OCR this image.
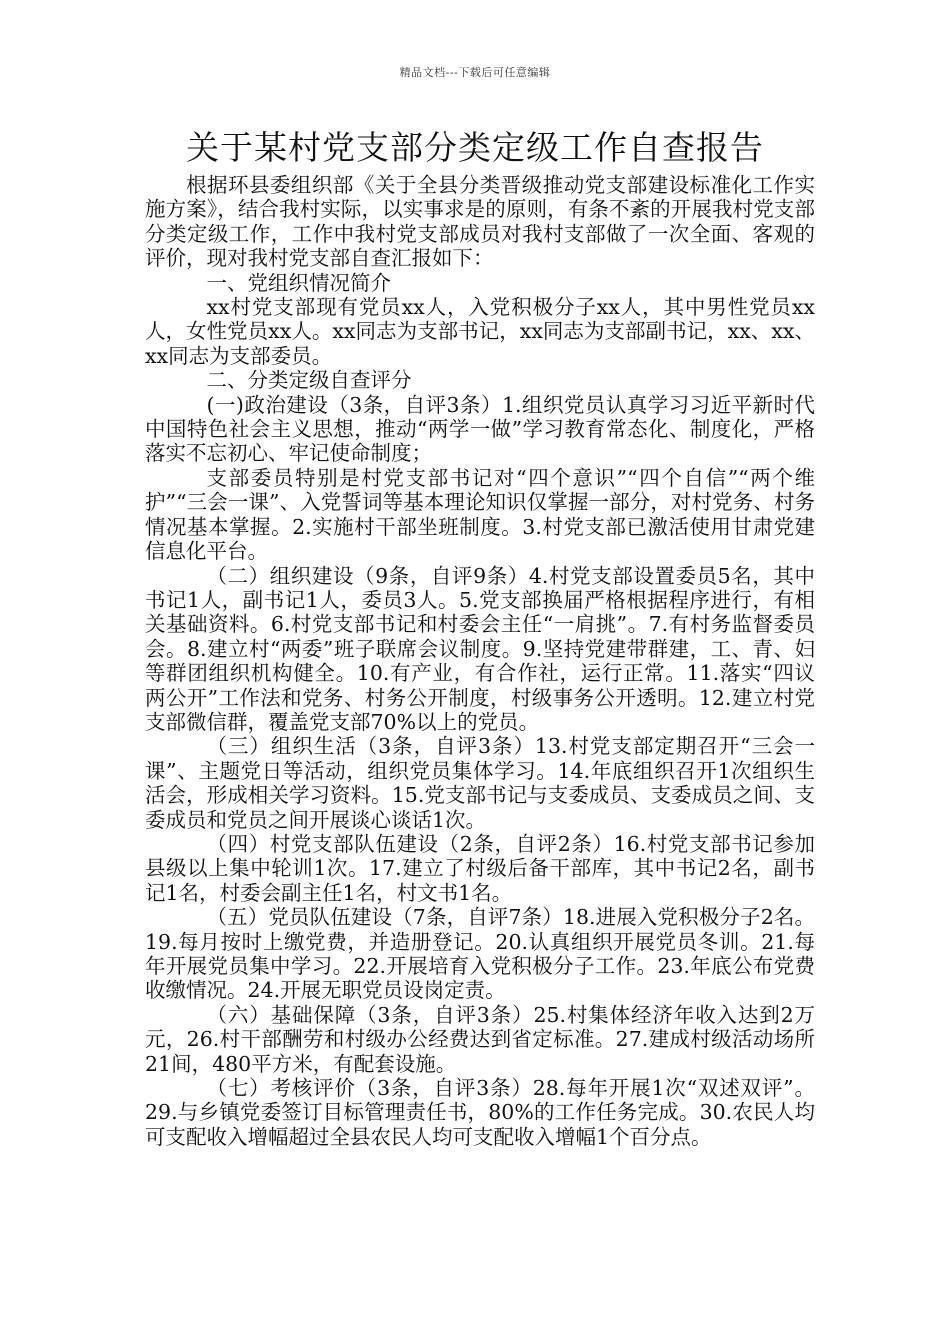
精品文档---下载后可任意编辑
关于某村党支部分类定级工作自查报告

根据环县委组织部《关于全县分类晋级推动党支部建设标准化工作实施方案》，结合我村实际，以实事求是的原则，有条不紊的开展我村党支部分类定级工作，工作中我村党支部成员对我村支部做了一次全面、客观的评价，现对我村党支部自查汇报如下：

一、党组织情况简介

xx村党支部现有党员xx人，入党积极分子xx人，其中男性党员xx人，女性党员xx人。xx同志为支部书记，xx同志为支部副书记，xx、xx、xx同志为支部委员。

二、分类定级自查评分

(一)政治建设（3条，自评3条）1.组织党员认真学习习近平新时代中国特色社会主义思想，推动“两学一做”学习教育常态化、制度化，严格落实不忘初心、牢记使命制度；

支部委员特别是村党支部书记对“四个意识”“四个自信”“两个维护”“三会一课”、入党誓词等基本理论知识仅掌握一部分，对村党务、村务情况基本掌握。2.实施村干部坐班制度。3.村党支部已激活使用甘肃党建信息化平台。

（二）组织建设（9条，自评9条）4.村党支部设置委员5名，其中书记1人，副书记1人，委员3人。5.党支部换届严格根据程序进行，有相关基础资料。6.村党支部书记和村委会主任“一肩挑”。7.有村务监督委员会。8.建立村“两委”班子联席会议制度。9.坚持党建带群建，工、青、妇等群团组织机构健全。10.有产业，有合作社，运行正常。11.落实“四议两公开”工作法和党务、村务公开制度，村级事务公开透明。12.建立村党支部微信群，覆盖党支部70%以上的党员。

（三）组织生活（3条，自评3条）13.村党支部定期召开“三会一课”、主题党日等活动，组织党员集体学习。14.年底组织召开1次组织生活会，形成相关学习资料。15.党支部书记与支委成员、支委成员之间、支委成员和党员之间开展谈心谈话1次。

（四）村党支部队伍建设（2条，自评2条）16.村党支部书记参加县级以上集中轮训1次。17.建立了村级后备干部库，其中书记2名，副书记1名，村委会副主任1名，村文书1名。

（五）党员队伍建设（7条，自评7条）18.进展入党积极分子2名。19.每月按时上缴党费，并造册登记。20.认真组织开展党员冬训。21.每年开展党员集中学习。22.开展培育入党积极分子工作。23.年底公布党费收缴情况。24.开展无职党员设岗定责。

（六）基础保障（3条，自评3条）25.村集体经济年收入达到2万元，26.村干部酬劳和村级办公经费达到省定标准。27.建成村级活动场所21间，480平方米，有配套设施。

（七）考核评价（3条，自评3条）28.每年开展1次“双述双评”。29.与乡镇党委签订目标管理责任书，80%的工作任务完成。30.农民人均可支配收入增幅超过全县农民人均可支配收入增幅1个百分点。
